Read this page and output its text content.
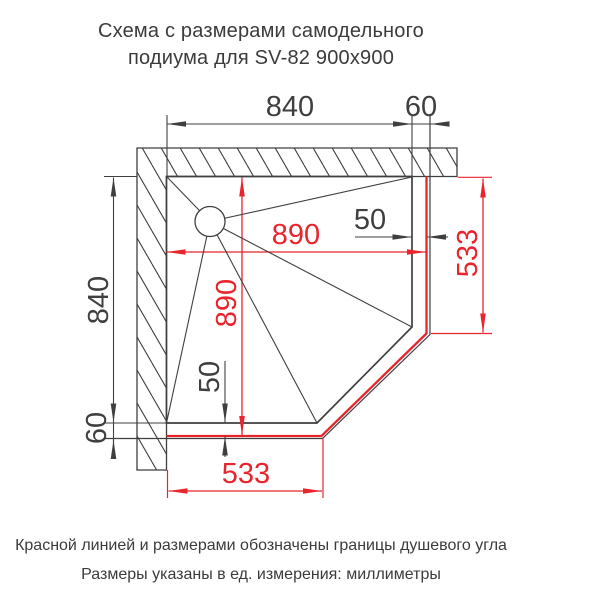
Схема с размерами самодельного
подиума для SV-82 900x900
840	60
840
60
890
890
50
50
533
533
Красной линией и размерами обозначены границы душевого угла
Размеры указаны в ед. измерения: миллиметры
